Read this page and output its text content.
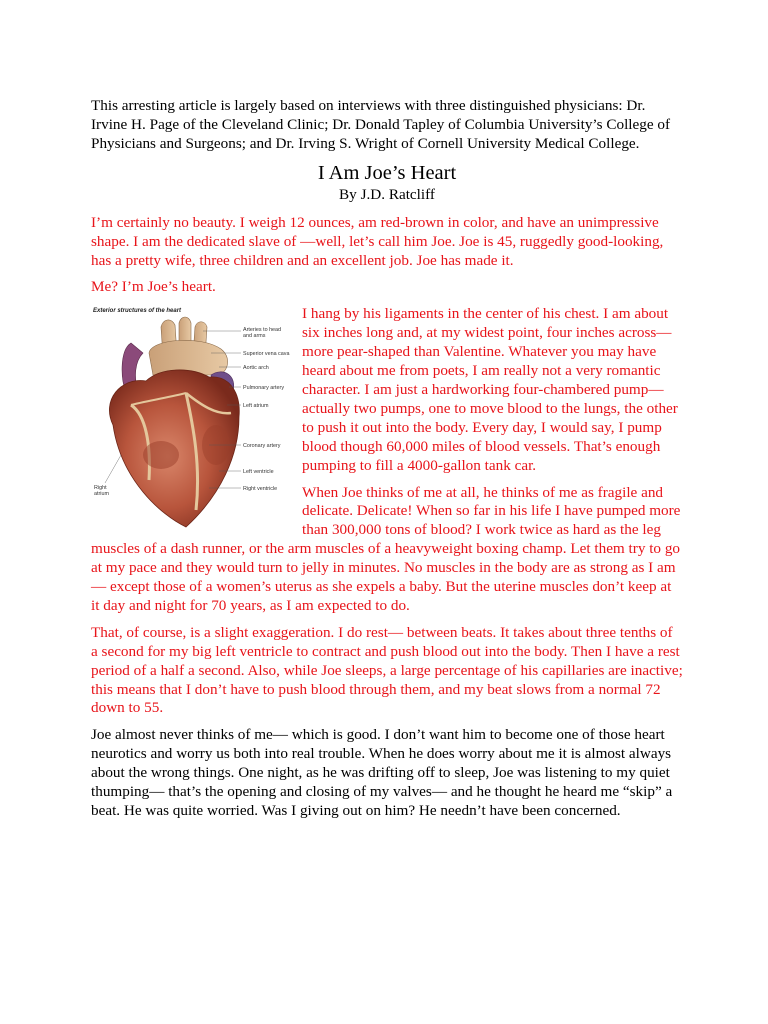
This arresting article is largely based on interviews with three distinguished physicians: Dr. Irvine H. Page of the Cleveland Clinic; Dr. Donald Tapley of Columbia University’s College of Physicians and Surgeons; and Dr. Irving S. Wright of Cornell University Medical College.

I Am Joe’s Heart
By J.D. Ratcliff

I’m certainly no beauty. I weigh 12 ounces, am red-brown in color, and have an unimpressive shape. I am the dedicated slave of —well, let’s call him Joe. Joe is 45, ruggedly good-looking, has a pretty wife, three children and an excellent job. Joe has made it.

Me? I’m Joe’s heart.

Exterior structures of the heart
Arteries to head
and arms
Superior vena cava
Aortic arch
Pulmonary artery
Left atrium
Coronary artery
Left ventricle
Right ventricle
Right
atrium

I hang by his ligaments in the center of his chest. I am about six inches long and, at my widest point, four inches across— more pear-shaped than Valentine. Whatever you may have heard about me from poets, I am really not a very romantic character. I am just a hardworking four-chambered pump— actually two pumps, one to move blood to the lungs, the other to push it out into the body. Every day, I would say, I pump blood though 60,000 miles of blood vessels. That’s enough pumping to fill a 4000-gallon tank car.

When Joe thinks of me at all, he thinks of me as fragile and delicate. Delicate! When so far in his life I have pumped more than 300,000 tons of blood? I work twice as hard as the leg muscles of a dash runner, or the arm muscles of a heavyweight boxing champ. Let them try to go at my pace and they would turn to jelly in minutes. No muscles in the body are as strong as I am— except those of a women’s uterus as she expels a baby. But the uterine muscles don’t keep at it day and night for 70 years, as I am expected to do.

That, of course, is a slight exaggeration. I do rest— between beats. It takes about three tenths of a second for my big left ventricle to contract and push blood out into the body. Then I have a rest period of a half a second. Also, while Joe sleeps, a large percentage of his capillaries are inactive; this means that I don’t have to push blood through them, and my beat slows from a normal 72 down to 55.

Joe almost never thinks of me— which is good. I don’t want him to become one of those heart neurotics and worry us both into real trouble. When he does worry about me it is almost always about the wrong things. One night, as he was drifting off to sleep, Joe was listening to my quiet thumping— that’s the opening and closing of my valves— and he thought he heard me “skip” a beat. He was quite worried. Was I giving out on him? He needn’t have been concerned.
